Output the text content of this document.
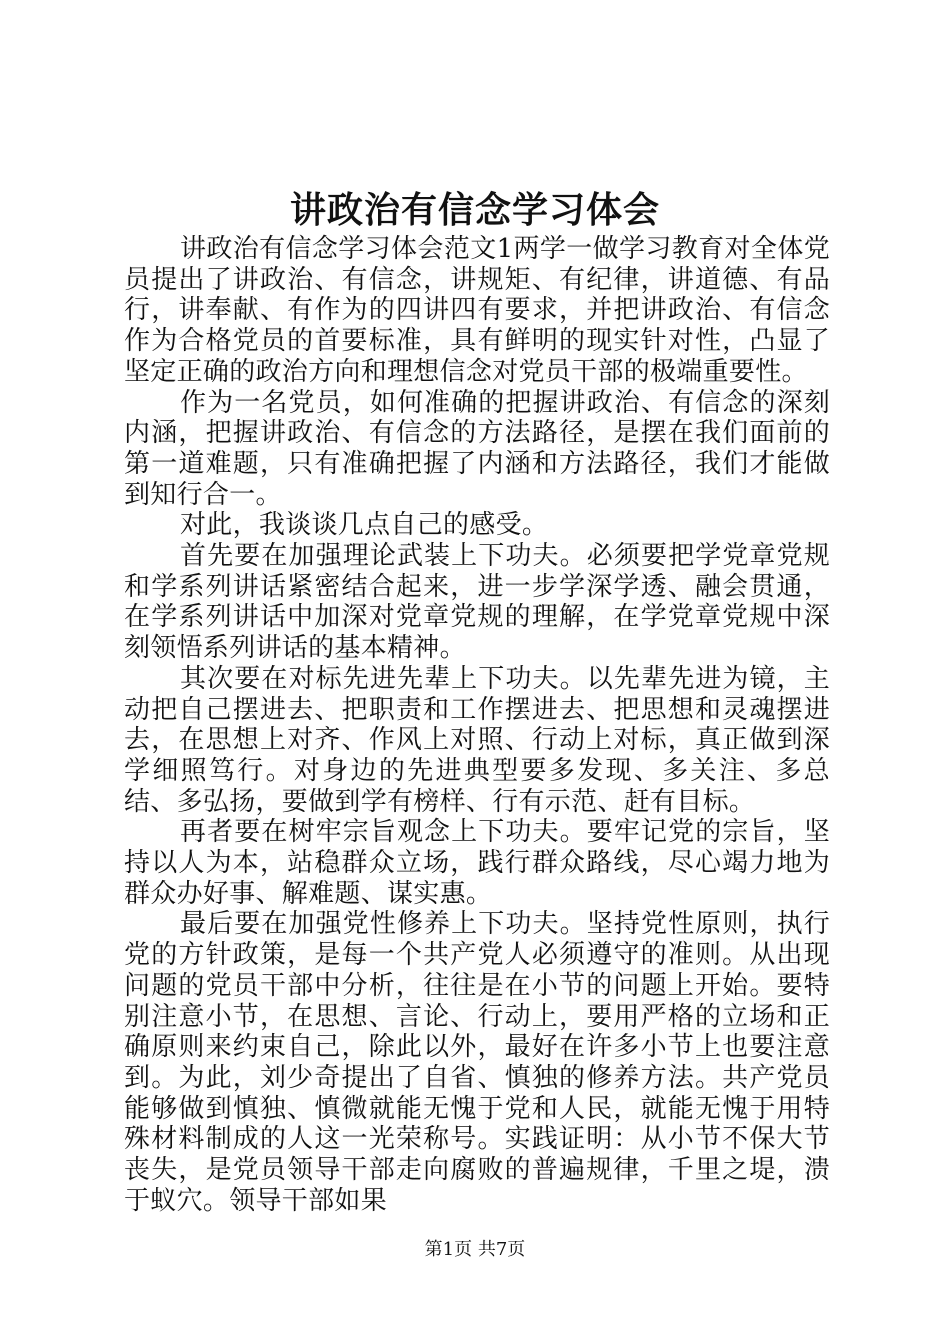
讲政治有信念学习体会

讲政治有信念学习体会范文1两学一做学习教育对全体党员提出了讲政治、有信念，讲规矩、有纪律，讲道德、有品行，讲奉献、有作为的四讲四有要求，并把讲政治、有信念作为合格党员的首要标准，具有鲜明的现实针对性，凸显了坚定正确的政治方向和理想信念对党员干部的极端重要性。

作为一名党员，如何准确的把握讲政治、有信念的深刻内涵，把握讲政治、有信念的方法路径，是摆在我们面前的第一道难题，只有准确把握了内涵和方法路径，我们才能做到知行合一。

对此，我谈谈几点自己的感受。

首先要在加强理论武装上下功夫。必须要把学党章党规和学系列讲话紧密结合起来，进一步学深学透、融会贯通，在学系列讲话中加深对党章党规的理解，在学党章党规中深刻领悟系列讲话的基本精神。

其次要在对标先进先辈上下功夫。以先辈先进为镜，主动把自己摆进去、把职责和工作摆进去、把思想和灵魂摆进去，在思想上对齐、作风上对照、行动上对标，真正做到深学细照笃行。对身边的先进典型要多发现、多关注、多总结、多弘扬，要做到学有榜样、行有示范、赶有目标。

再者要在树牢宗旨观念上下功夫。要牢记党的宗旨，坚持以人为本，站稳群众立场，践行群众路线，尽心竭力地为群众办好事、解难题、谋实惠。

最后要在加强党性修养上下功夫。坚持党性原则，执行党的方针政策，是每一个共产党人必须遵守的准则。从出现问题的党员干部中分析，往往是在小节的问题上开始。要特别注意小节，在思想、言论、行动上，要用严格的立场和正确原则来约束自己，除此以外，最好在许多小节上也要注意到。为此，刘少奇提出了自省、慎独的修养方法。共产党员能够做到慎独、慎微就能无愧于党和人民，就能无愧于用特殊材料制成的人这一光荣称号。实践证明：从小节不保大节丧失，是党员领导干部走向腐败的普遍规律，千里之堤，溃于蚁穴。领导干部如果

第1页 共7页
